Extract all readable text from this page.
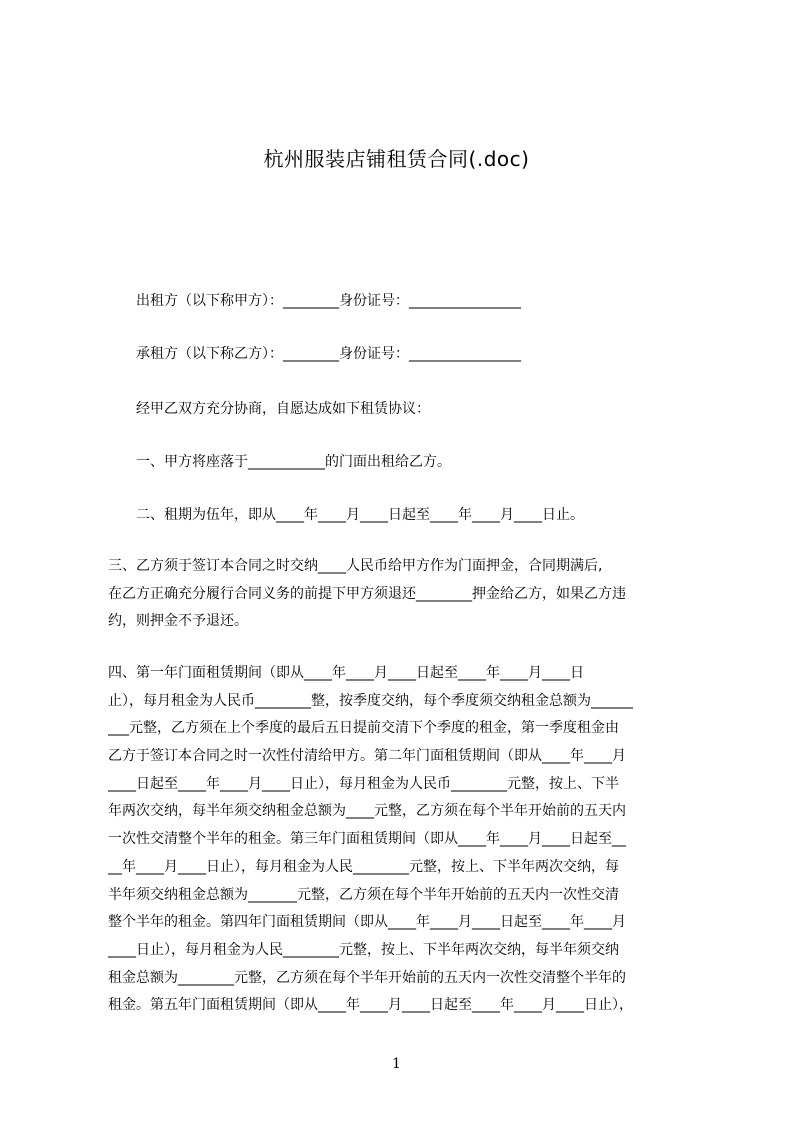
杭州服装店铺租赁合同(.doc)
出租方（以下称甲方）：________身份证号：________________
承租方（以下称乙方）：________身份证号：________________
经甲乙双方充分协商，自愿达成如下租赁协议：
一、甲方将座落于___________的门面出租给乙方。
二、租期为伍年，即从____年____月____日起至____年____月____日止。
三、乙方须于签订本合同之时交纳____人民币给甲方作为门面押金，合同期满后,
在乙方正确充分履行合同义务的前提下甲方须退还________押金给乙方，如果乙方违
约，则押金不予退还。
四、第一年门面租赁期间（即从____年____月____日起至____年____月____日
止），每月租金为人民币________整，按季度交纳，每个季度须交纳租金总额为______
___元整，乙方须在上个季度的最后五日提前交清下个季度的租金，第一季度租金由
乙方于签订本合同之时一次性付清给甲方。第二年门面租赁期间（即从____年____月
____日起至____年____月____日止），每月租金为人民币________元整，按上、下半
年两次交纳，每半年须交纳租金总额为____元整，乙方须在每个半年开始前的五天内
一次性交清整个半年的租金。第三年门面租赁期间（即从____年____月____日起至__
__年____月____日止），每月租金为人民________元整，按上、下半年两次交纳，每
半年须交纳租金总额为_______元整，乙方须在每个半年开始前的五天内一次性交清
整个半年的租金。第四年门面租赁期间（即从____年____月____日起至____年____月
____日止），每月租金为人民________元整，按上、下半年两次交纳，每半年须交纳
租金总额为________元整，乙方须在每个半年开始前的五天内一次性交清整个半年的
租金。第五年门面租赁期间（即从____年____月____日起至____年____月____日止），
1
